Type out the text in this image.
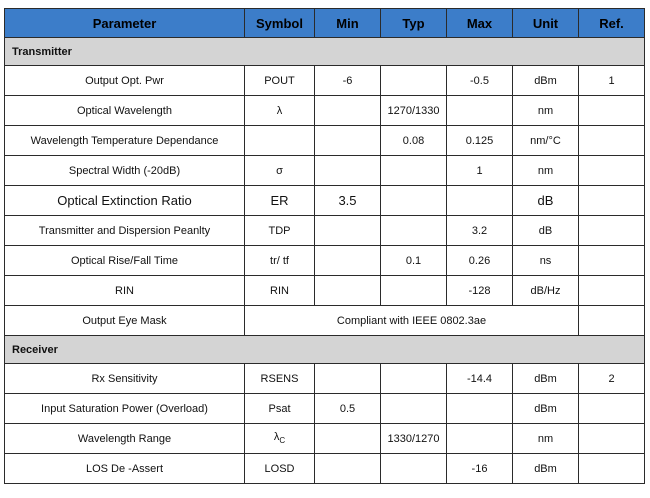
Parameter	Symbol	Min	Typ	Max	Unit	Ref.
Transmitter						
Output Opt. Pwr	POUT	-6		-0.5	dBm	1
Optical Wavelength	λ		1270/1330		nm	
Wavelength Temperature Dependance			0.08	0.125	nm/°C	
Spectral Width (-20dB)	σ			1	nm	
Optical Extinction Ratio	ER	3.5			dB	
Transmitter and Dispersion Peanlty	TDP			3.2	dB	
Optical Rise/Fall Time	tr/ tf		0.1	0.26	ns	
RIN	RIN			-128	dB/Hz	
Output Eye Mask	Compliant with IEEE 0802.3ae					
Receiver						
Rx Sensitivity	RSENS			-14.4	dBm	2
Input Saturation Power (Overload)	Psat	0.5			dBm	
Wavelength Range	$\lambda_C$		1330/1270		nm	
LOS De -Assert	LOSD			-16	dBm	
